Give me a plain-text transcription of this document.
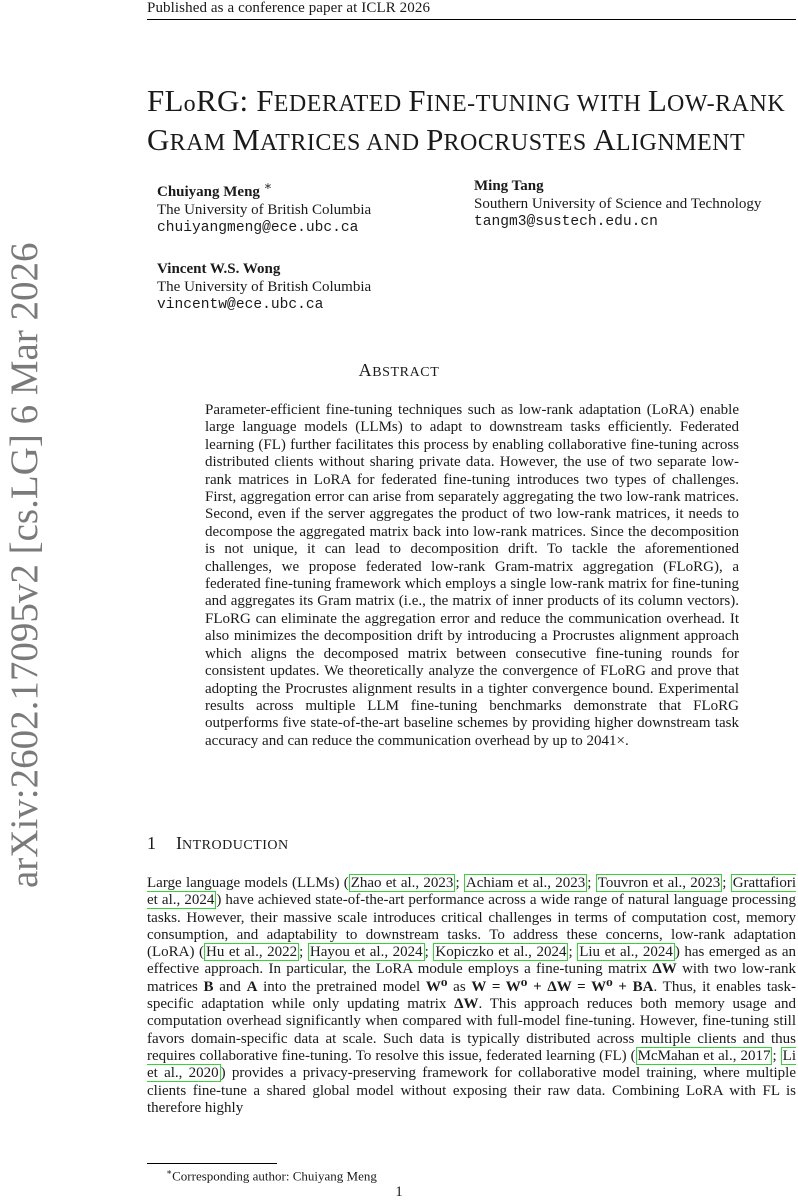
Published as a conference paper at ICLR 2026
arXiv:2602.17095v2 [cs.LG] 6 Mar 2026
FLoRG: FEDERATED FINE-TUNING WITH LOW-RANK
GRAM MATRICES AND PROCRUSTES ALIGNMENT
Chuiyang Meng ∗
The University of British Columbia
chuiyangmeng@ece.ubc.ca
Ming Tang
Southern University of Science and Technology
tangm3@sustech.edu.cn
Vincent W.S. Wong
The University of British Columbia
vincentw@ece.ubc.ca
ABSTRACT
Parameter-efficient fine-tuning techniques such as low-rank adaptation (LoRA) enable large language models (LLMs) to adapt to downstream tasks efficiently. Federated learning (FL) further facilitates this process by enabling collaborative fine-tuning across distributed clients without sharing private data. However, the use of two separate low-rank matrices in LoRA for federated fine-tuning introduces two types of challenges. First, aggregation error can arise from separately aggregating the two low-rank matrices. Second, even if the server aggregates the product of two low-rank matrices, it needs to decompose the aggregated matrix back into low-rank matrices. Since the decomposition is not unique, it can lead to decomposition drift. To tackle the aforementioned challenges, we propose federated low-rank Gram-matrix aggregation (FLoRG), a federated fine-tuning framework which employs a single low-rank matrix for fine-tuning and aggregates its Gram matrix (i.e., the matrix of inner products of its column vectors). FLoRG can eliminate the aggregation error and reduce the communication overhead. It also minimizes the decomposition drift by introducing a Procrustes alignment approach which aligns the decomposed matrix between consecutive fine-tuning rounds for consistent updates. We theoretically analyze the convergence of FLoRG and prove that adopting the Procrustes alignment results in a tighter convergence bound. Experimental results across multiple LLM fine-tuning benchmarks demonstrate that FLoRG outperforms five state-of-the-art baseline schemes by providing higher downstream task accuracy and can reduce the communication overhead by up to 2041×.
1 INTRODUCTION
Large language models (LLMs) ( Zhao et al., 2023 ; Achiam et al., 2023 ; Touvron et al., 2023 ; Grattafiori et al., 2024 ) have achieved state-of-the-art performance across a wide range of natural language processing tasks. However, their massive scale introduces critical challenges in terms of computation cost, memory consumption, and adaptability to downstream tasks. To address these concerns, low-rank adaptation (LoRA) ( Hu et al., 2022 ; Hayou et al., 2024 ; Kopiczko et al., 2024 ; Liu et al., 2024 ) has emerged as an effective approach. In particular, the LoRA module employs a fine-tuning matrix ΔW with two low-rank matrices B and A into the pretrained model W⁰ as W = W⁰ + ΔW = W⁰ + BA. Thus, it enables task-specific adaptation while only updating matrix ΔW. This approach reduces both memory usage and computation overhead significantly when compared with full-model fine-tuning. However, fine-tuning still favors domain-specific data at scale. Such data is typically distributed across multiple clients and thus requires collaborative fine-tuning. To resolve this issue, federated learning (FL) ( McMahan et al., 2017 ; Li et al., 2020 ) provides a privacy-preserving framework for collaborative model training, where multiple clients fine-tune a shared global model without exposing their raw data. Combining LoRA with FL is therefore highly
∗Corresponding author: Chuiyang Meng
1
